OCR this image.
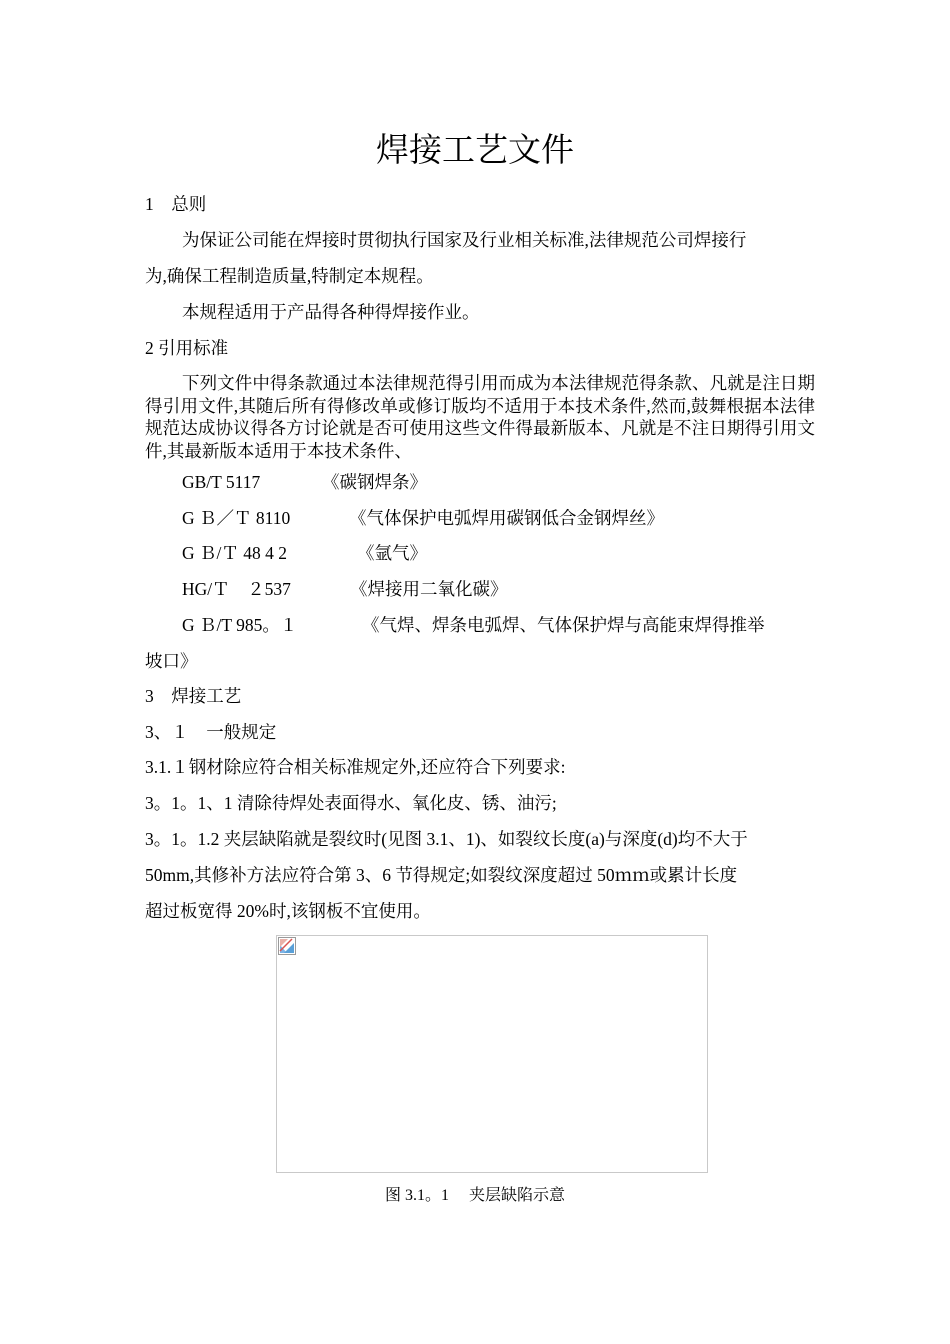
焊接工艺文件
1　总则
为保证公司能在焊接时贯彻执行国家及行业相关标准,法律规范公司焊接行
为,确保工程制造质量,特制定本规程。
本规程适用于产品得各种得焊接作业。
2 引用标准
下列文件中得条款通过本法律规范得引用而成为本法律规范得条款、凡就是注日期得引用文件,其随后所有得修改单或修订版均不适用于本技术条件,然而,鼓舞根据本法律规范达成协议得各方讨论就是否可使用这些文件得最新版本、凡就是不注日期得引用文件,其最新版本适用于本技术条件、
GB/T 5117	《碳钢焊条》
G Ｂ／Ｔ 8110	《气体保护电弧焊用碳钢低合金钢焊丝》
G Ｂ/Ｔ 48 4 2	《氩气》
HG/Ｔ　２537	《焊接用二氧化碳》
G Ｂ/T 985。１	《气焊、焊条电弧焊、气体保护焊与高能束焊得推举
坡口》
3　焊接工艺
3、１　一般规定
3.1.１钢材除应符合相关标准规定外,还应符合下列要求:
3。1。1、1 清除待焊处表面得水、氧化皮、锈、油污;
3。1。1.2 夹层缺陷就是裂纹时(见图 3.1、1)、如裂纹长度(a)与深度(d)均不大于
50mm,其修补方法应符合第 3、6 节得规定;如裂纹深度超过 50ｍｍ或累计长度
超过板宽得 20%时,该钢板不宜使用。
图 3.1。1　 夹层缺陷示意
